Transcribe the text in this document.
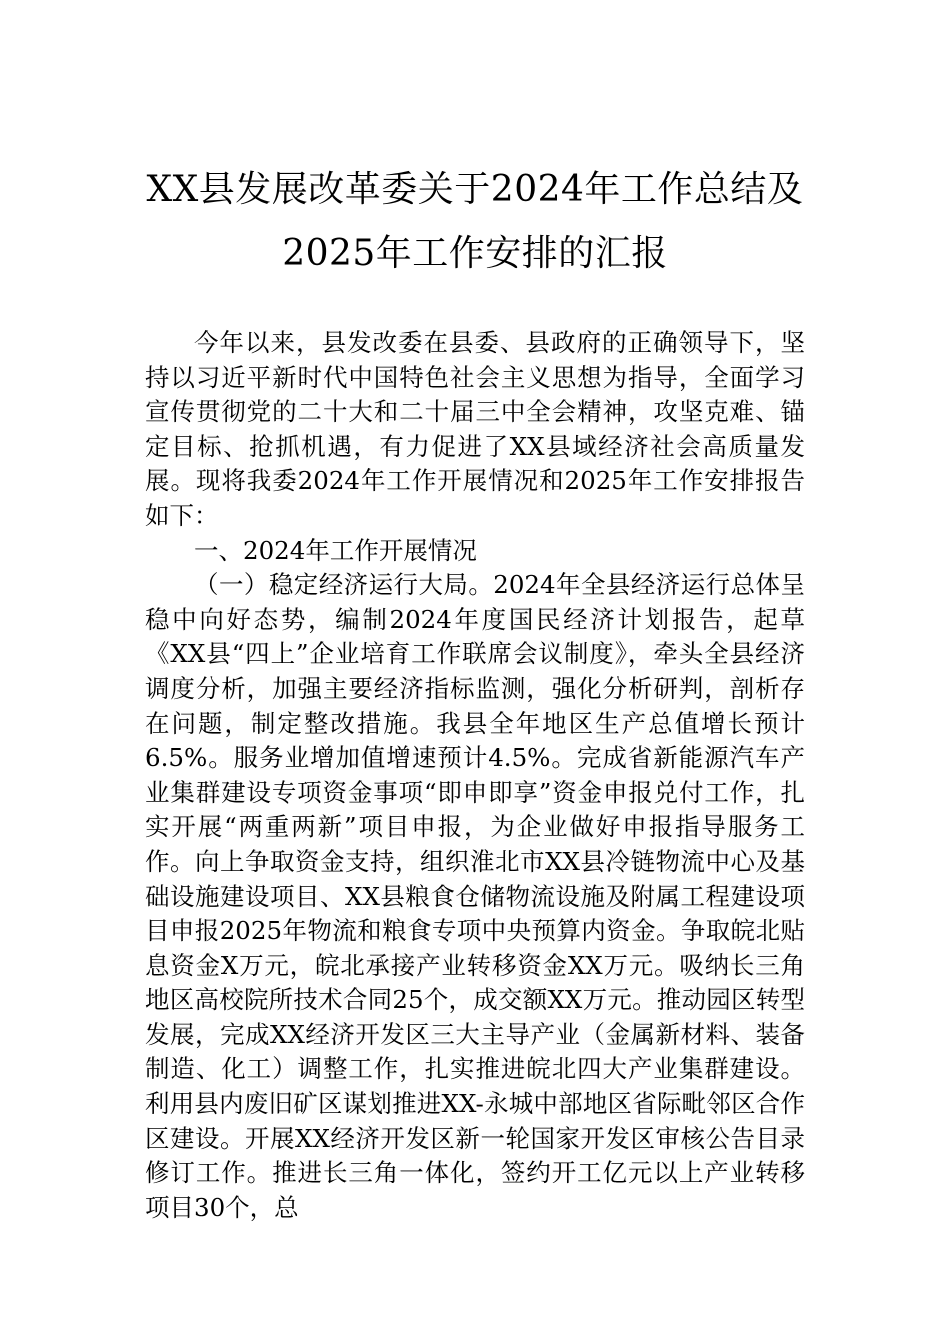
XX县发展改革委关于2024年工作总结及
2025年工作安排的汇报

今年以来，县发改委在县委、县政府的正确领导下，坚持以习近平新时代中国特色社会主义思想为指导，全面学习宣传贯彻党的二十大和二十届三中全会精神，攻坚克难、锚定目标、抢抓机遇，有力促进了XX县域经济社会高质量发展。现将我委2024年工作开展情况和2025年工作安排报告如下：

一、2024年工作开展情况

（一）稳定经济运行大局。2024年全县经济运行总体呈稳中向好态势，编制2024年度国民经济计划报告，起草《XX县“四上”企业培育工作联席会议制度》，牵头全县经济调度分析，加强主要经济指标监测，强化分析研判，剖析存在问题，制定整改措施。我县全年地区生产总值增长预计6.5%。服务业增加值增速预计4.5%。完成省新能源汽车产业集群建设专项资金事项“即申即享”资金申报兑付工作，扎实开展“两重两新”项目申报，为企业做好申报指导服务工作。向上争取资金支持，组织淮北市XX县冷链物流中心及基础设施建设项目、XX县粮食仓储物流设施及附属工程建设项目申报2025年物流和粮食专项中央预算内资金。争取皖北贴息资金X万元，皖北承接产业转移资金XX万元。吸纳长三角地区高校院所技术合同25个，成交额XX万元。推动园区转型发展，完成XX经济开发区三大主导产业（金属新材料、装备制造、化工）调整工作，扎实推进皖北四大产业集群建设。利用县内废旧矿区谋划推进XX-永城中部地区省际毗邻区合作区建设。开展XX经济开发区新一轮国家开发区审核公告目录修订工作。推进长三角一体化，签约开工亿元以上产业转移项目30个，总
